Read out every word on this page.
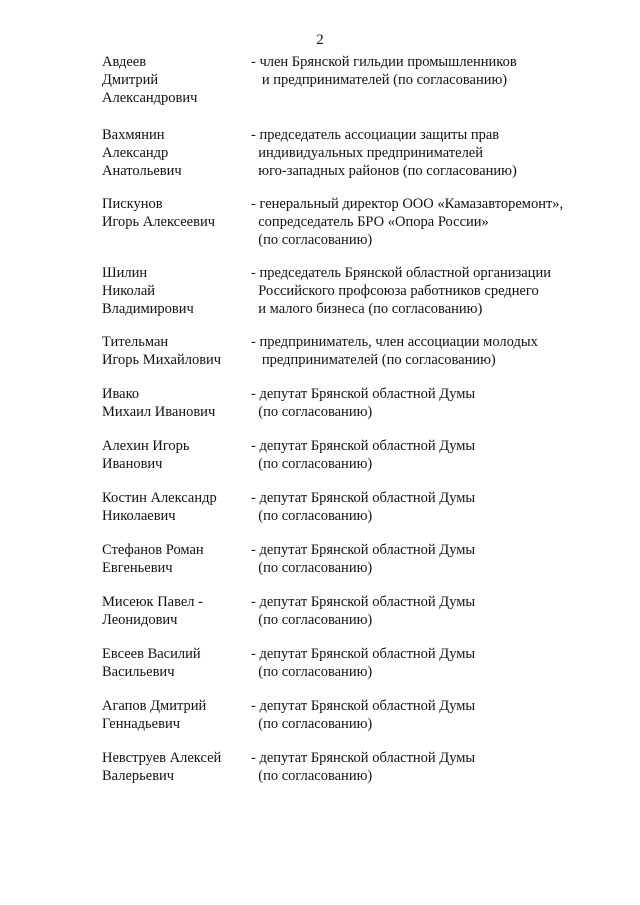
2
Авдеев
Дмитрий
Александрович
- член Брянской гильдии промышленников
и предпринимателей (по согласованию)
Вахмянин
Александр
Анатольевич
- председатель ассоциации защиты прав
индивидуальных предпринимателей
юго-западных районов (по согласованию)
Пискунов
Игорь Алексеевич
- генеральный директор ООО «Камазавторемонт»,
сопредседатель БРО «Опора России»
(по согласованию)
Шилин
Николай
Владимирович
- председатель Брянской областной организации
Российского профсоюза работников среднего
и малого бизнеса (по согласованию)
Тительман
Игорь Михайлович
- предприниматель, член ассоциации молодых
предпринимателей (по согласованию)
Ивако
Михаил Иванович
- депутат Брянской областной Думы
(по согласованию)
Алехин Игорь
Иванович
- депутат Брянской областной Думы
(по согласованию)
Костин Александр
Николаевич
- депутат Брянской областной Думы
(по согласованию)
Стефанов Роман
Евгеньевич
- депутат Брянской областной Думы
(по согласованию)
Мисеюк Павел -
Леонидович
- депутат Брянской областной Думы
(по согласованию)
Евсеев Василий
Васильевич
- депутат Брянской областной Думы
(по согласованию)
Агапов Дмитрий
Геннадьевич
- депутат Брянской областной Думы
(по согласованию)
Невструев Алексей
Валерьевич
- депутат Брянской областной Думы
(по согласованию)
